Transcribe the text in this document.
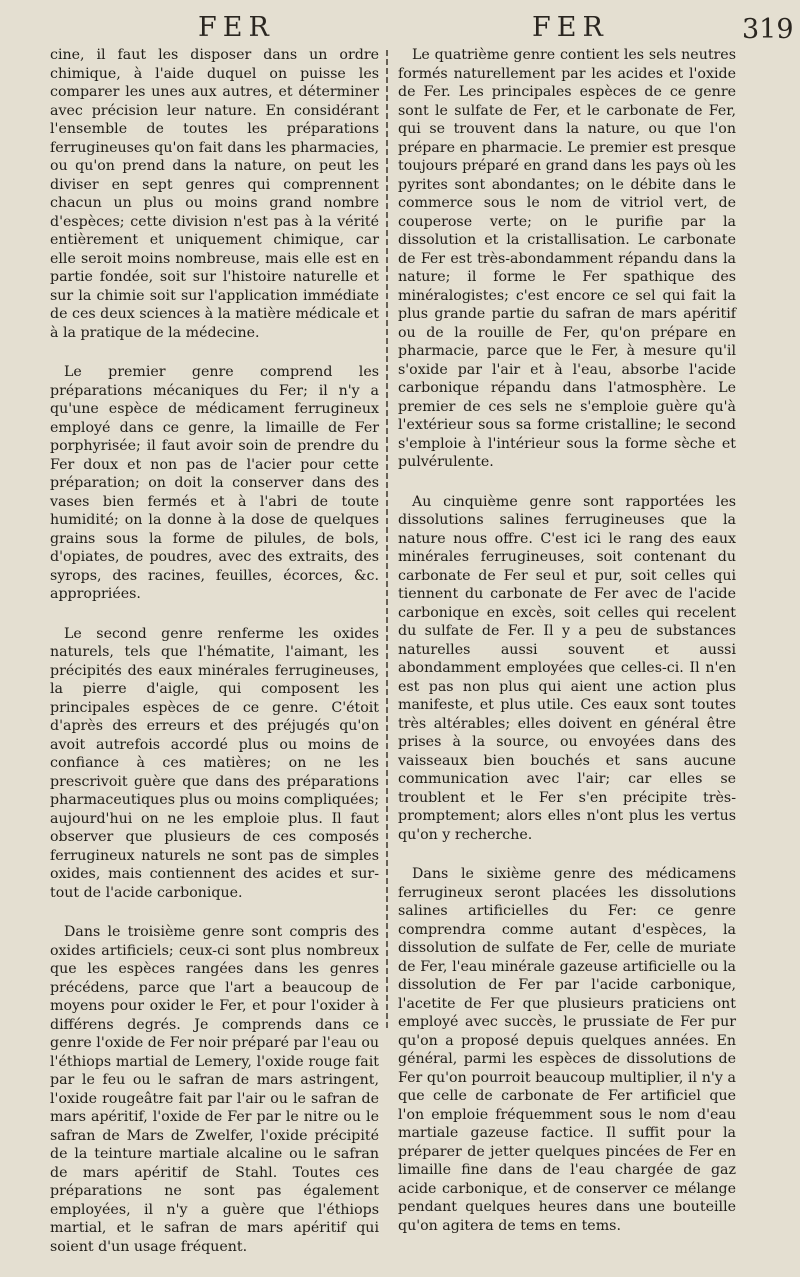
FER	FER	319

cine, il faut les disposer dans un ordre chimique, à l'aide duquel on puisse les comparer les unes aux autres, et déterminer avec précision leur nature. En considérant l'ensemble de toutes les préparations ferrugineuses qu'on fait dans les pharmacies, ou qu'on prend dans la nature, on peut les diviser en sept genres qui comprennent chacun un plus ou moins grand nombre d'espèces; cette division n'est pas à la vérité entièrement et uniquement chimique, car elle seroit moins nombreuse, mais elle est en partie fondée, soit sur l'histoire naturelle et sur la chimie soit sur l'application immédiate de ces deux sciences à la matière médicale et à la pratique de la médecine.

Le premier genre comprend les préparations mécaniques du Fer; il n'y a qu'une espèce de médicament ferrugineux employé dans ce genre, la limaille de Fer porphyrisée; il faut avoir soin de prendre du Fer doux et non pas de l'acier pour cette préparation; on doit la conserver dans des vases bien fermés et à l'abri de toute humidité; on la donne à la dose de quelques grains sous la forme de pilules, de bols, d'opiates, de poudres, avec des extraits, des syrops, des racines, feuilles, écorces, &c. appropriées.

Le second genre renferme les oxides naturels, tels que l'hématite, l'aimant, les précipités des eaux minérales ferrugineuses, la pierre d'aigle, qui composent les principales espèces de ce genre. C'étoit d'après des erreurs et des préjugés qu'on avoit autrefois accordé plus ou moins de confiance à ces matières; on ne les prescrivoit guère que dans des préparations pharmaceutiques plus ou moins compliquées; aujourd'hui on ne les emploie plus. Il faut observer que plusieurs de ces composés ferrugineux naturels ne sont pas de simples oxides, mais contiennent des acides et sur-tout de l'acide carbonique.

Dans le troisième genre sont compris des oxides artificiels; ceux-ci sont plus nombreux que les espèces rangées dans les genres précédens, parce que l'art a beaucoup de moyens pour oxider le Fer, et pour l'oxider à différens degrés. Je comprends dans ce genre l'oxide de Fer noir préparé par l'eau ou l'éthiops martial de Lemery, l'oxide rouge fait par le feu ou le safran de mars astringent, l'oxide rougeâtre fait par l'air ou le safran de mars apéritif, l'oxide de Fer par le nitre ou le safran de Mars de Zwelfer, l'oxide précipité de la teinture martiale alcaline ou le safran de mars apéritif de Stahl. Toutes ces préparations ne sont pas également employées, il n'y a guère que l'éthiops martial, et le safran de mars apéritif qui soient d'un usage fréquent.

Le quatrième genre contient les sels neutres formés naturellement par les acides et l'oxide de Fer. Les principales espèces de ce genre sont le sulfate de Fer, et le carbonate de Fer, qui se trouvent dans la nature, ou que l'on prépare en pharmacie. Le premier est presque toujours préparé en grand dans les pays où les pyrites sont abondantes; on le débite dans le commerce sous le nom de vitriol vert, de couperose verte; on le purifie par la dissolution et la cristallisation. Le carbonate de Fer est très-abondamment répandu dans la nature; il forme le Fer spathique des minéralogistes; c'est encore ce sel qui fait la plus grande partie du safran de mars apéritif ou de la rouille de Fer, qu'on prépare en pharmacie, parce que le Fer, à mesure qu'il s'oxide par l'air et à l'eau, absorbe l'acide carbonique répandu dans l'atmosphère. Le premier de ces sels ne s'emploie guère qu'à l'extérieur sous sa forme cristalline; le second s'emploie à l'intérieur sous la forme sèche et pulvérulente.

Au cinquième genre sont rapportées les dissolutions salines ferrugineuses que la nature nous offre. C'est ici le rang des eaux minérales ferrugineuses, soit contenant du carbonate de Fer seul et pur, soit celles qui tiennent du carbonate de Fer avec de l'acide carbonique en excès, soit celles qui recelent du sulfate de Fer. Il y a peu de substances naturelles aussi souvent et aussi abondamment employées que celles-ci. Il n'en est pas non plus qui aient une action plus manifeste, et plus utile. Ces eaux sont toutes très altérables; elles doivent en général être prises à la source, ou envoyées dans des vaisseaux bien bouchés et sans aucune communication avec l'air; car elles se troublent et le Fer s'en précipite très-promptement; alors elles n'ont plus les vertus qu'on y recherche.

Dans le sixième genre des médicamens ferrugineux seront placées les dissolutions salines artificielles du Fer: ce genre comprendra comme autant d'espèces, la dissolution de sulfate de Fer, celle de muriate de Fer, l'eau minérale gazeuse artificielle ou la dissolution de Fer par l'acide carbonique, l'acetite de Fer que plusieurs praticiens ont employé avec succès, le prussiate de Fer pur qu'on a proposé depuis quelques années. En général, parmi les espèces de dissolutions de Fer qu'on pourroit beaucoup multiplier, il n'y a que celle de carbonate de Fer artificiel que l'on emploie fréquemment sous le nom d'eau martiale gazeuse factice. Il suffit pour la préparer de jetter quelques pincées de Fer en limaille fine dans de l'eau chargée de gaz acide carbonique, et de conserver ce mélange pendant quelques heures dans une bouteille qu'on agitera de tems en tems.
